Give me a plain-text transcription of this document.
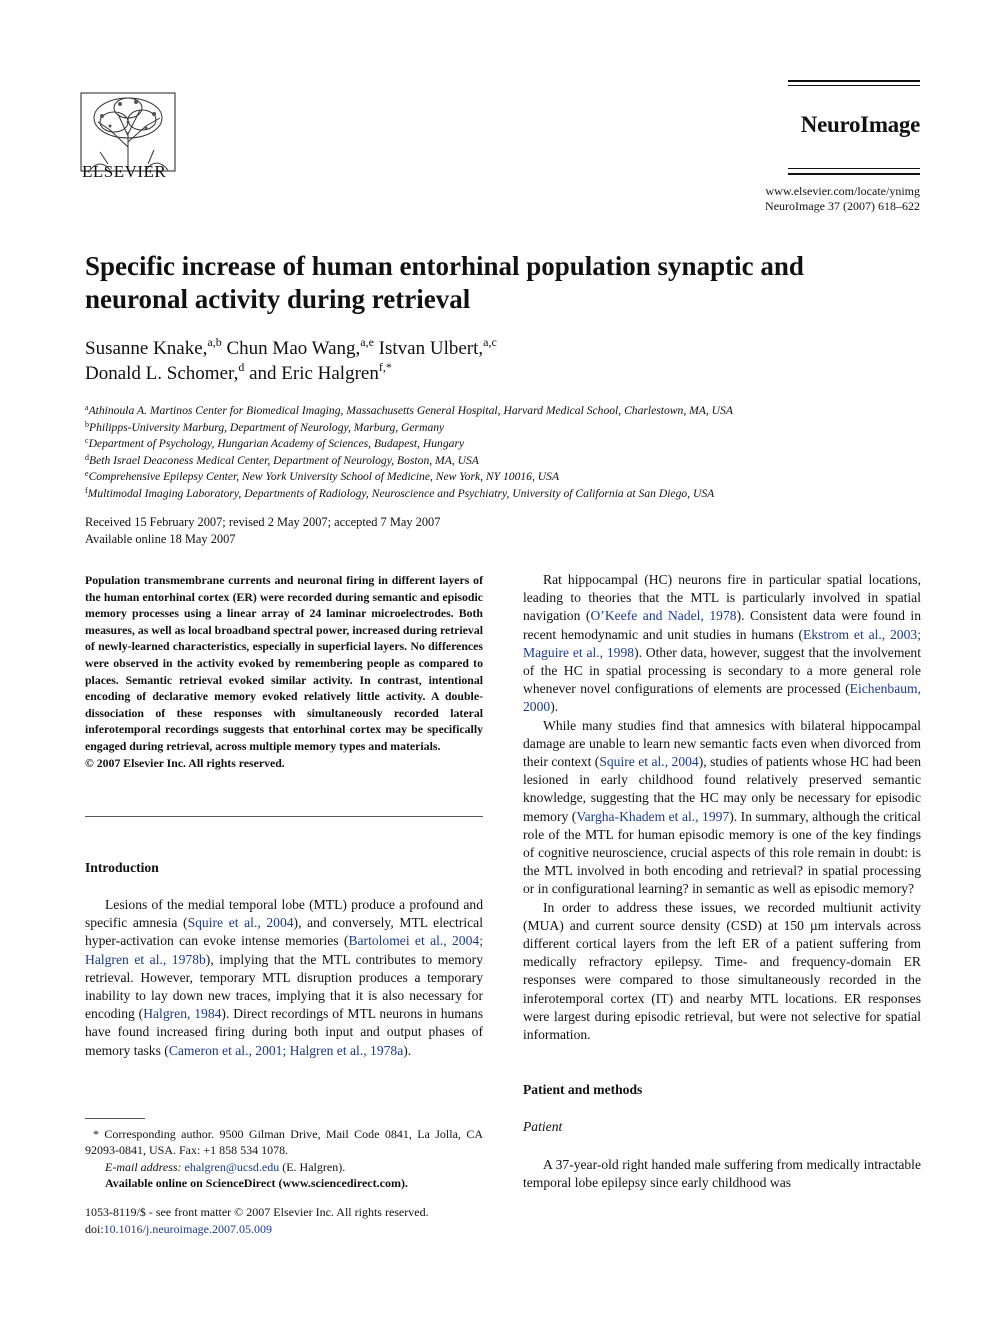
ELSEVIER
NeuroImage
www.elsevier.com/locate/ynimg
NeuroImage 37 (2007) 618–622
Specific increase of human entorhinal population synaptic and neuronal activity during retrieval
Susanne Knake,$^{a,b}$ Chun Mao Wang,$^{a,e}$ Istvan Ulbert,$^{a,c}$
Donald L. Schomer,$^d$ and Eric Halgren$^{f,*}$
$^a$Athinoula A. Martinos Center for Biomedical Imaging, Massachusetts General Hospital, Harvard Medical School, Charlestown, MA, USA
$^b$Philipps-University Marburg, Department of Neurology, Marburg, Germany
$^c$Department of Psychology, Hungarian Academy of Sciences, Budapest, Hungary
$^d$Beth Israel Deaconess Medical Center, Department of Neurology, Boston, MA, USA
$^e$Comprehensive Epilepsy Center, New York University School of Medicine, New York, NY 10016, USA
$^f$Multimodal Imaging Laboratory, Departments of Radiology, Neuroscience and Psychiatry, University of California at San Diego, USA
Received 15 February 2007; revised 2 May 2007; accepted 7 May 2007
Available online 18 May 2007

Population transmembrane currents and neuronal firing in different layers of the human entorhinal cortex (ER) were recorded during semantic and episodic memory processes using a linear array of 24 laminar microelectrodes. Both measures, as well as local broadband spectral power, increased during retrieval of newly-learned characteristics, especially in superficial layers. No differences were observed in the activity evoked by remembering people as compared to places. Semantic retrieval evoked similar activity. In contrast, intentional encoding of declarative memory evoked relatively little activity. A double-dissociation of these responses with simultaneously recorded lateral inferotemporal recordings suggests that entorhinal cortex may be specifically engaged during retrieval, across multiple memory types and materials.

© 2007 Elsevier Inc. All rights reserved.

Introduction

Lesions of the medial temporal lobe (MTL) produce a profound and specific amnesia (Squire et al., 2004), and conversely, MTL electrical hyper-activation can evoke intense memories (Bartolomei et al., 2004; Halgren et al., 1978b), implying that the MTL contributes to memory retrieval. However, temporary MTL disruption produces a temporary inability to lay down new traces, implying that it is also necessary for encoding (Halgren, 1984). Direct recordings of MTL neurons in humans have found increased firing during both input and output phases of memory tasks (Cameron et al., 2001; Halgren et al., 1978a).

* Corresponding author. 9500 Gilman Drive, Mail Code 0841, La Jolla, CA 92093-0841, USA. Fax: +1 858 534 1078.
E-mail address: ehalgren@ucsd.edu (E. Halgren).
Available online on ScienceDirect (www.sciencedirect.com).
1053-8119/$ - see front matter © 2007 Elsevier Inc. All rights reserved.
doi:10.1016/j.neuroimage.2007.05.009

Rat hippocampal (HC) neurons fire in particular spatial locations, leading to theories that the MTL is particularly involved in spatial navigation (O’Keefe and Nadel, 1978). Consistent data were found in recent hemodynamic and unit studies in humans (Ekstrom et al., 2003; Maguire et al., 1998). Other data, however, suggest that the involvement of the HC in spatial processing is secondary to a more general role whenever novel configurations of elements are processed (Eichenbaum, 2000).

While many studies find that amnesics with bilateral hippocampal damage are unable to learn new semantic facts even when divorced from their context (Squire et al., 2004), studies of patients whose HC had been lesioned in early childhood found relatively preserved semantic knowledge, suggesting that the HC may only be necessary for episodic memory (Vargha-Khadem et al., 1997). In summary, although the critical role of the MTL for human episodic memory is one of the key findings of cognitive neuroscience, crucial aspects of this role remain in doubt: is the MTL involved in both encoding and retrieval? in spatial processing or in configurational learning? in semantic as well as episodic memory?

In order to address these issues, we recorded multiunit activity (MUA) and current source density (CSD) at 150 µm intervals across different cortical layers from the left ER of a patient suffering from medically refractory epilepsy. Time- and frequency-domain ER responses were compared to those simultaneously recorded in the inferotemporal cortex (IT) and nearby MTL locations. ER responses were largest during episodic retrieval, but were not selective for spatial information.

Patient and methods
Patient

A 37-year-old right handed male suffering from medically intractable temporal lobe epilepsy since early childhood was
